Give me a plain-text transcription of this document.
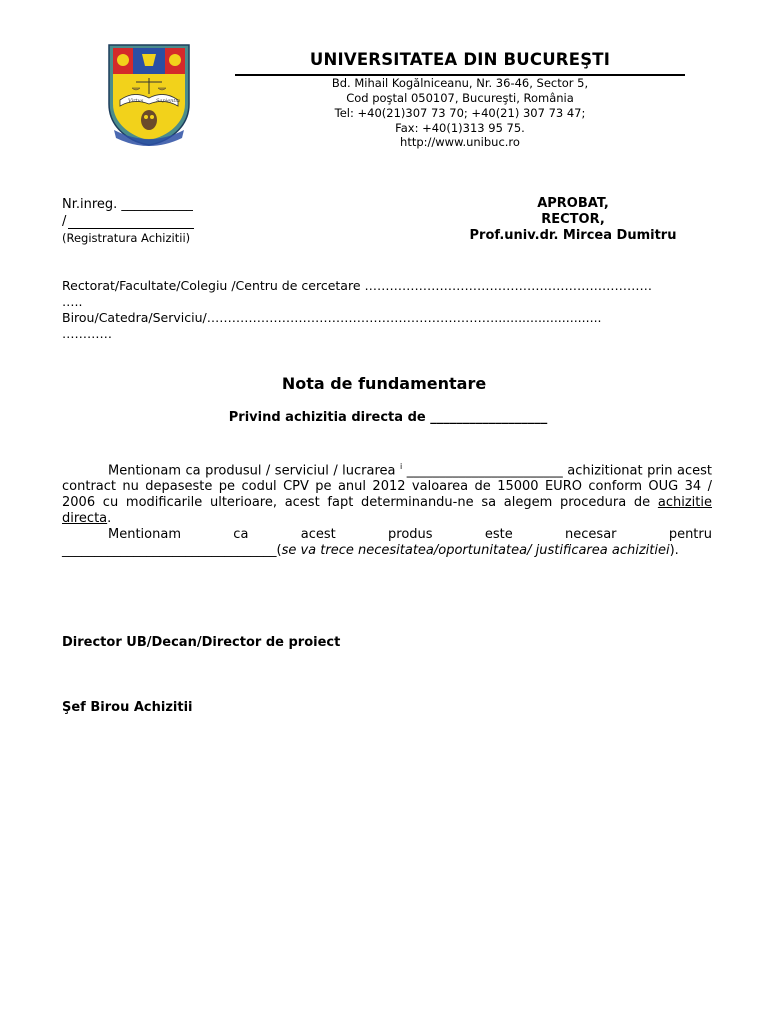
Virtus	Sapientia
UNIVERSITATEA DIN BUCUREŞTI
Bd. Mihail Kogălniceanu, Nr. 36-46, Sector 5,
Cod poştal 050107, Bucureşti, România
Tel: +40(21)307 73 70; +40(21) 307 73 47;
Fax: +40(1)313 95 75.
http://www.unibuc.ro
Nr.inreg. ___________
/
(Registratura Achizitii)
APROBAT,
RECTOR,
Prof.univ.dr. Mircea Dumitru
Rectorat/Facultate/Colegiu /Centru de cercetare ……………………………………………………………
…..
Birou/Catedra/Serviciu/……………………………………………………………...........................
…………
Nota de fundamentare
Privind achizitia directa de __________________

Mentionam ca produsul / serviciul / lucrarea $^i$ ________________________ achizitionat prin acest contract nu depaseste pe codul CPV pe anul 2012 valoarea de 15000 EURO conform OUG 34 / 2006 cu modificarile ulterioare, acest fapt determinandu-ne sa alegem procedura de achizitie directa.

Mentionam ca acest produs este necesar pentru

_________________________________(se va trece necesitatea/oportunitatea/ justificarea achizitiei).

Director UB/Decan/Director de proiect
Şef Birou Achizitii
